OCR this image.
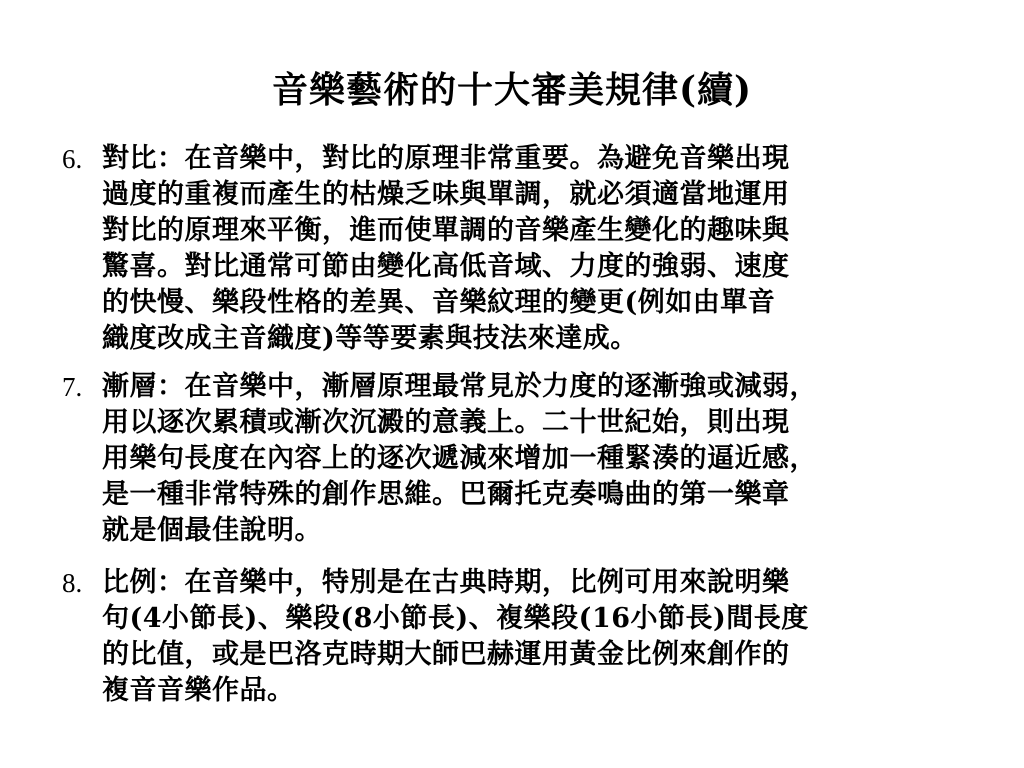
音樂藝術的十大審美規律(續)
6. 對比：在音樂中，對比的原理非常重要。為避免音樂出現
過度的重複而產生的枯燥乏味與單調，就必須適當地運用
對比的原理來平衡，進而使單調的音樂產生變化的趣味與
驚喜。對比通常可節由變化高低音域、力度的強弱、速度
的快慢、樂段性格的差異、音樂紋理的變更(例如由單音
織度改成主音織度)等等要素與技法來達成。
7. 漸層：在音樂中，漸層原理最常見於力度的逐漸強或減弱，
用以逐次累積或漸次沉澱的意義上。二十世紀始，則出現
用樂句長度在內容上的逐次遞減來增加一種緊湊的逼近感，
是一種非常特殊的創作思維。巴爾托克奏鳴曲的第一樂章
就是個最佳說明。
8. 比例：在音樂中，特別是在古典時期，比例可用來說明樂
句(4小節長)、樂段(8小節長)、複樂段(16小節長)間長度
的比值，或是巴洛克時期大師巴赫運用黃金比例來創作的
複音音樂作品。
